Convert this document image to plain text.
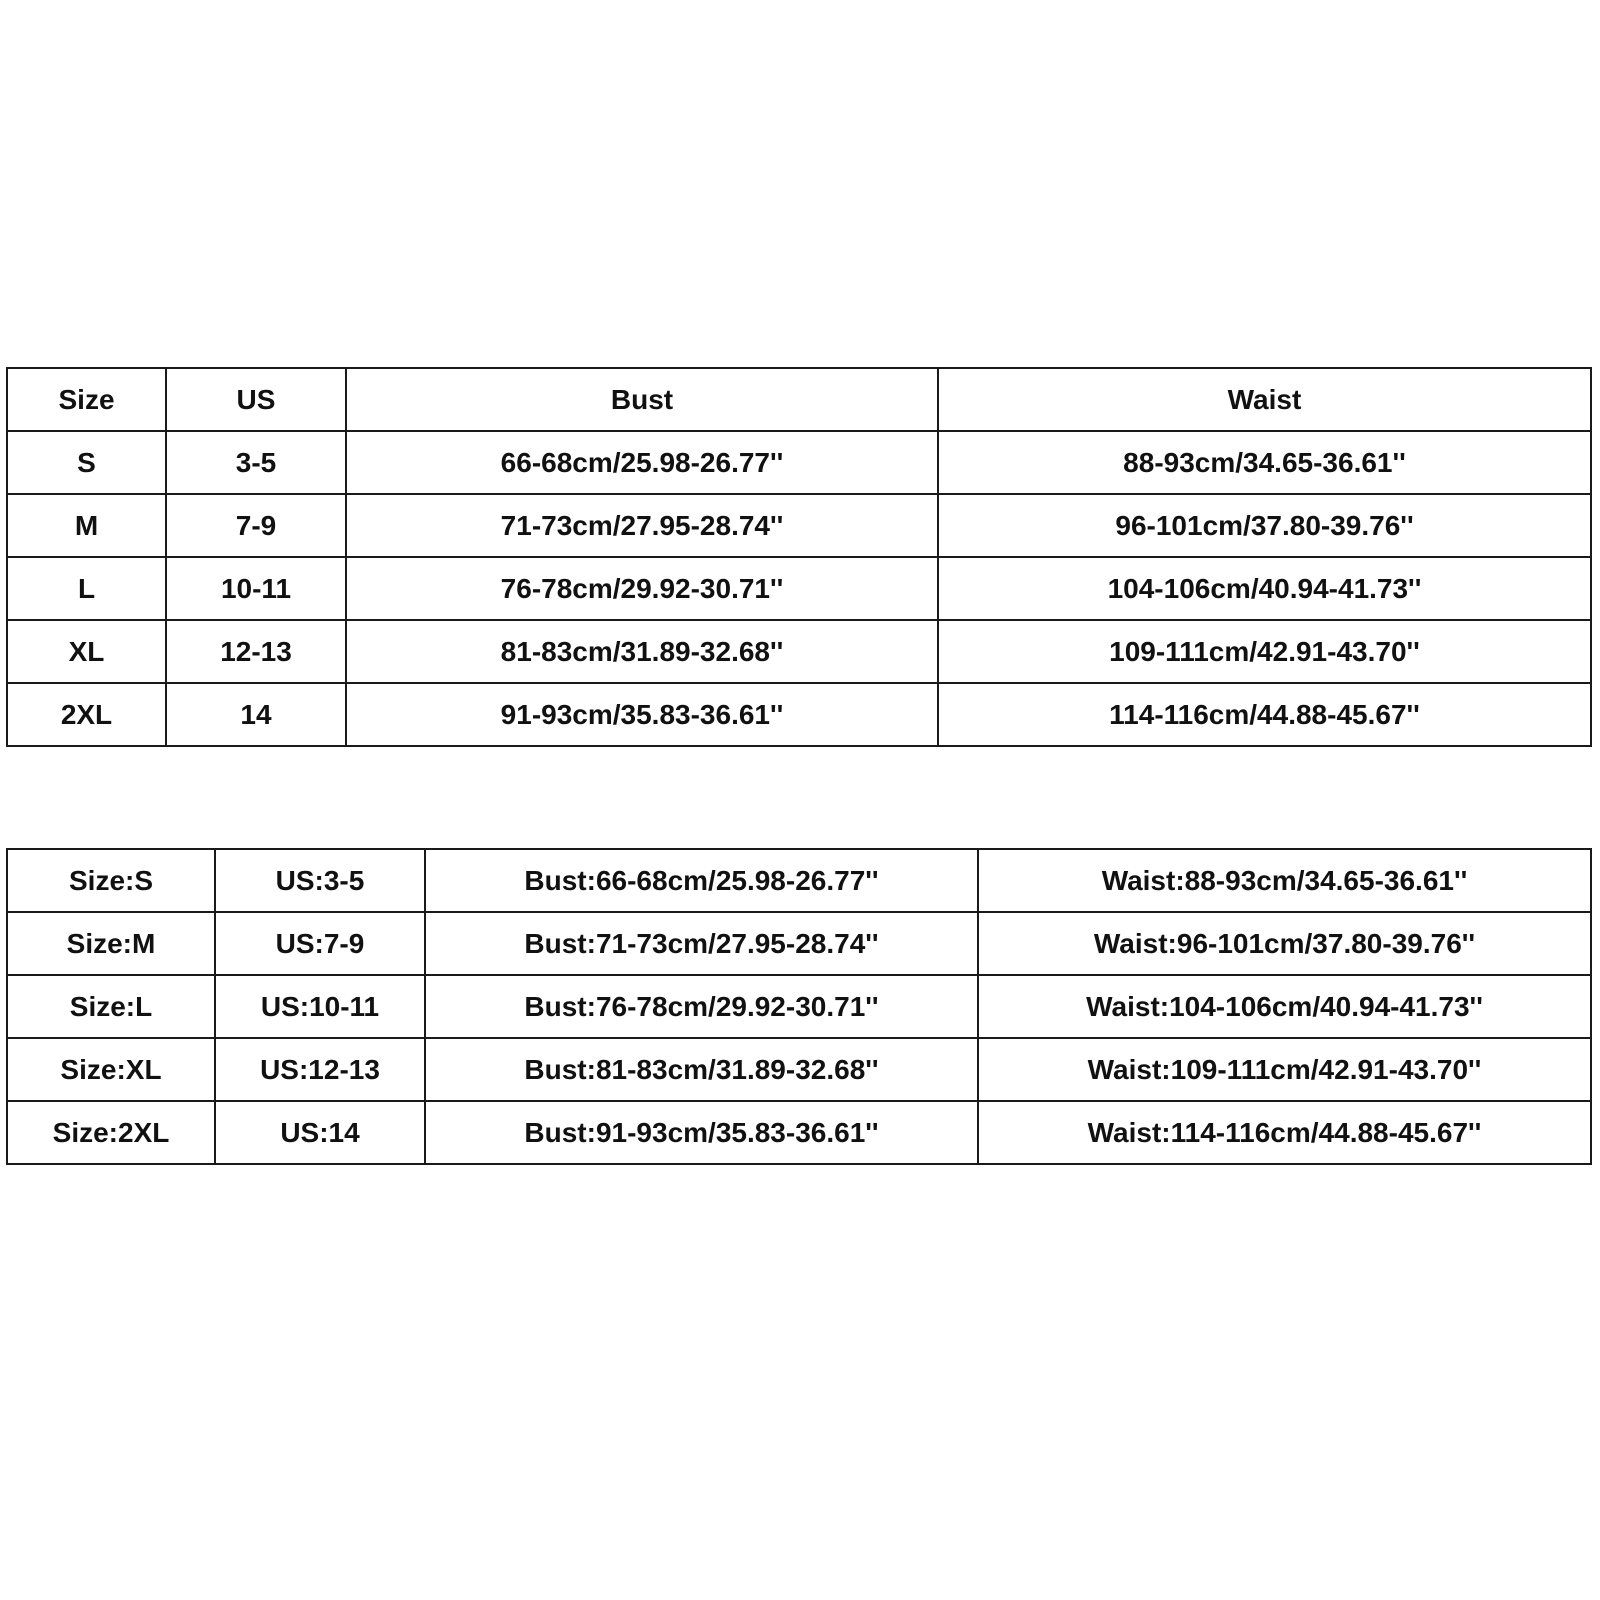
Size	US	Bust	Waist
S	3-5	66-68cm/25.98-26.77''	88-93cm/34.65-36.61''
M	7-9	71-73cm/27.95-28.74''	96-101cm/37.80-39.76''
L	10-11	76-78cm/29.92-30.71''	104-106cm/40.94-41.73''
XL	12-13	81-83cm/31.89-32.68''	109-111cm/42.91-43.70''
2XL	14	91-93cm/35.83-36.61''	114-116cm/44.88-45.67''
Size:S	US:3-5	Bust:66-68cm/25.98-26.77''	Waist:88-93cm/34.65-36.61''
Size:M	US:7-9	Bust:71-73cm/27.95-28.74''	Waist:96-101cm/37.80-39.76''
Size:L	US:10-11	Bust:76-78cm/29.92-30.71''	Waist:104-106cm/40.94-41.73''
Size:XL	US:12-13	Bust:81-83cm/31.89-32.68''	Waist:109-111cm/42.91-43.70''
Size:2XL	US:14	Bust:91-93cm/35.83-36.61''	Waist:114-116cm/44.88-45.67''
